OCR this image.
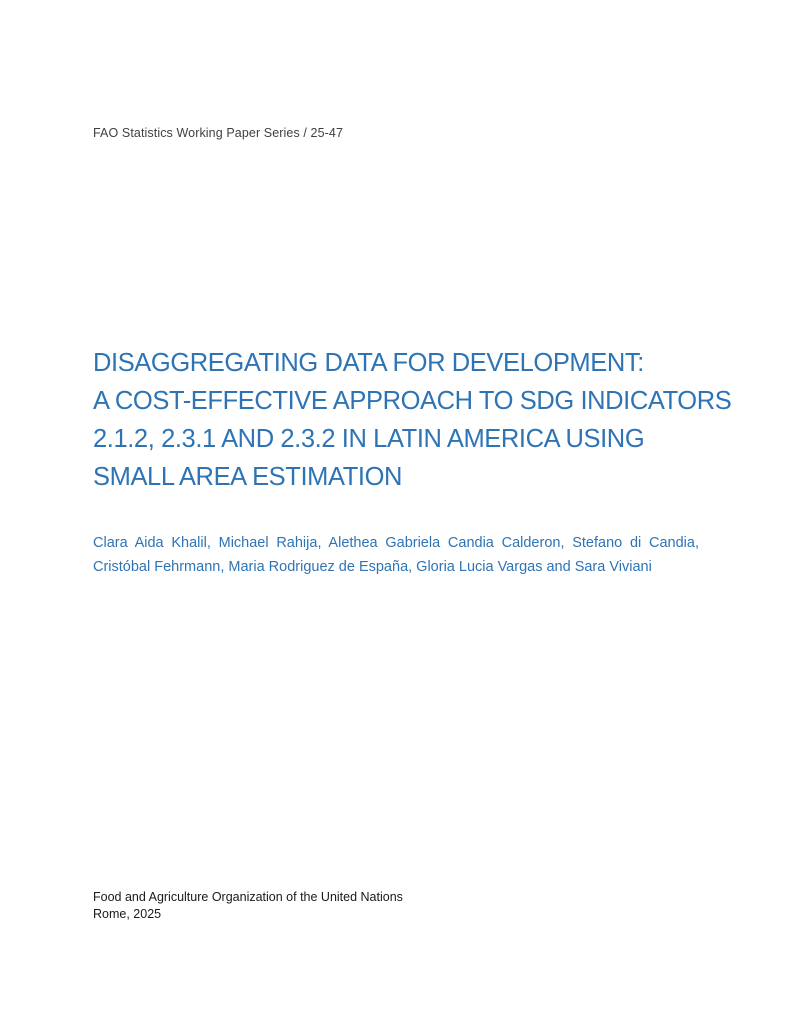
FAO Statistics Working Paper Series / 25-47
DISAGGREGATING DATA FOR DEVELOPMENT:
A COST-EFFECTIVE APPROACH TO SDG INDICATORS
2.1.2, 2.3.1 AND 2.3.2 IN LATIN AMERICA USING
SMALL AREA ESTIMATION
Clara Aida Khalil, Michael Rahija, Alethea Gabriela Candia Calderon, Stefano di Candia,
Cristóbal Fehrmann, Maria Rodriguez de España, Gloria Lucia Vargas and Sara Viviani
Food and Agriculture Organization of the United Nations
Rome, 2025
